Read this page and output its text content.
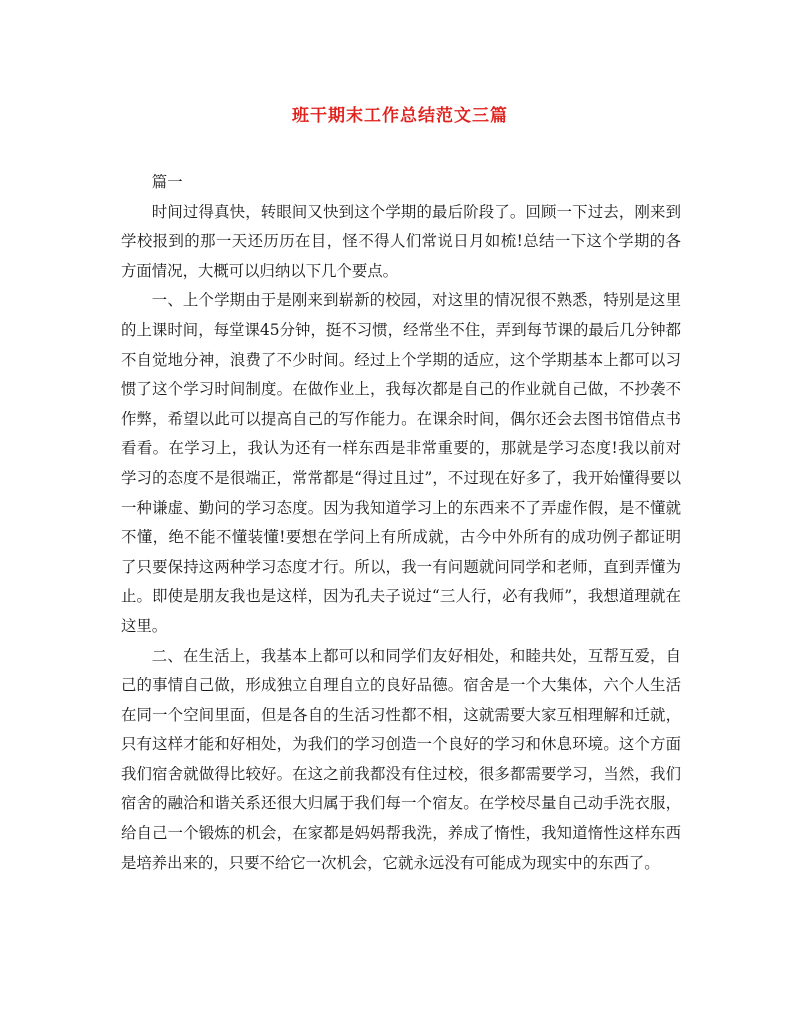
班干期末工作总结范文三篇

篇一

时间过得真快，转眼间又快到这个学期的最后阶段了。回顾一下过去，刚来到学校报到的那一天还历历在目，怪不得人们常说日月如梳!总结一下这个学期的各方面情况，大概可以归纳以下几个要点。

一、上个学期由于是刚来到崭新的校园，对这里的情况很不熟悉，特别是这里的上课时间，每堂课45分钟，挺不习惯，经常坐不住，弄到每节课的最后几分钟都不自觉地分神，浪费了不少时间。经过上个学期的适应，这个学期基本上都可以习惯了这个学习时间制度。在做作业上，我每次都是自己的作业就自己做，不抄袭不作弊，希望以此可以提高自己的写作能力。在课余时间，偶尔还会去图书馆借点书看看。在学习上，我认为还有一样东西是非常重要的，那就是学习态度!我以前对学习的态度不是很端正，常常都是“得过且过”，不过现在好多了，我开始懂得要以一种谦虚、勤问的学习态度。因为我知道学习上的东西来不了弄虚作假，是不懂就不懂，绝不能不懂装懂!要想在学问上有所成就，古今中外所有的成功例子都证明了只要保持这两种学习态度才行。所以，我一有问题就问同学和老师，直到弄懂为止。即使是朋友我也是这样，因为孔夫子说过“三人行，必有我师”，我想道理就在这里。

二、在生活上，我基本上都可以和同学们友好相处，和睦共处，互帮互爱，自己的事情自己做，形成独立自理自立的良好品德。宿舍是一个大集体，六个人生活在同一个空间里面，但是各自的生活习性都不相，这就需要大家互相理解和迁就，只有这样才能和好相处，为我们的学习创造一个良好的学习和休息环境。这个方面我们宿舍就做得比较好。在这之前我都没有住过校，很多都需要学习，当然，我们宿舍的融洽和谐关系还很大归属于我们每一个宿友。在学校尽量自己动手洗衣服，给自己一个锻炼的机会，在家都是妈妈帮我洗，养成了惰性，我知道惰性这样东西是培养出来的，只要不给它一次机会，它就永远没有可能成为现实中的东西了。
